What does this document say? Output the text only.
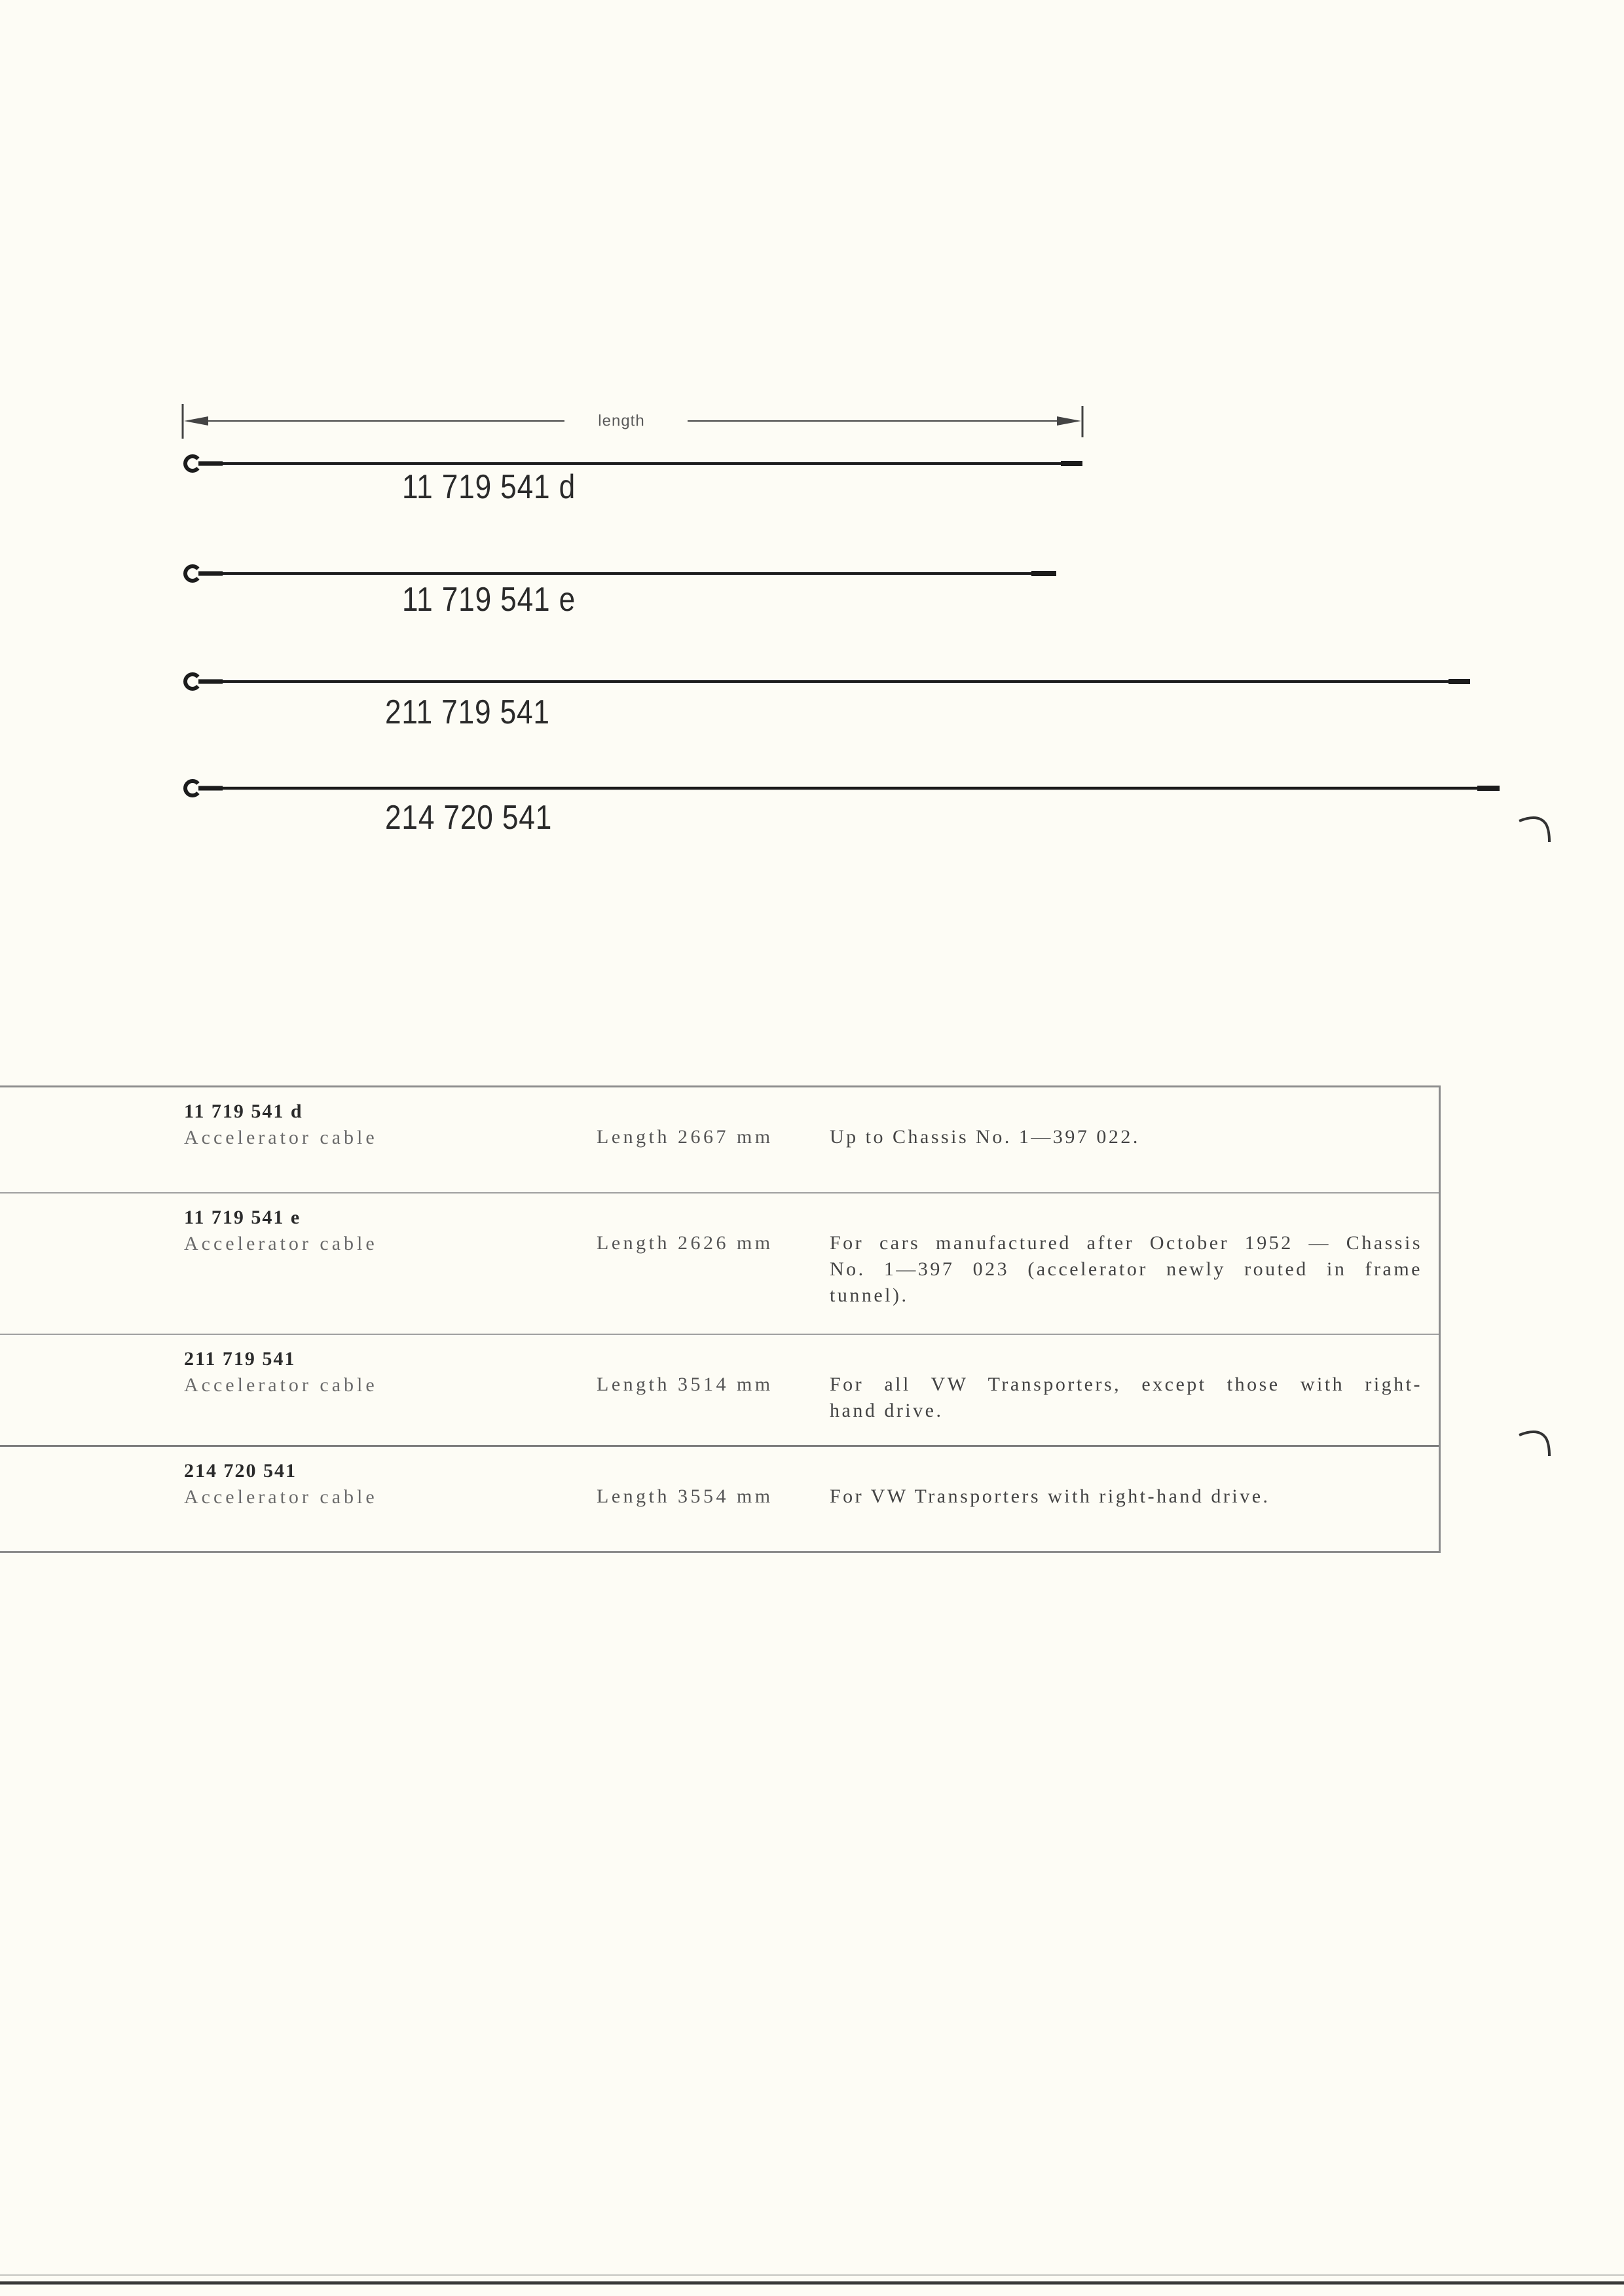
length
11 719 541 d
11 719 541 e
211 719 541
214 720 541
11 719 541 d
Accelerator cable	Length 2667 mm	Up to Chassis No. 1—397 022.
11 719 541 e
Accelerator cable	Length 2626 mm	For cars manufactured after October 1952 — Chassis
No. 1—397 023 (accelerator newly routed in frame
tunnel).
211 719 541
Accelerator cable	Length 3514 mm	For all VW Transporters, except those with right-
hand drive.
214 720 541
Accelerator cable	Length 3554 mm	For VW Transporters with right-hand drive.
